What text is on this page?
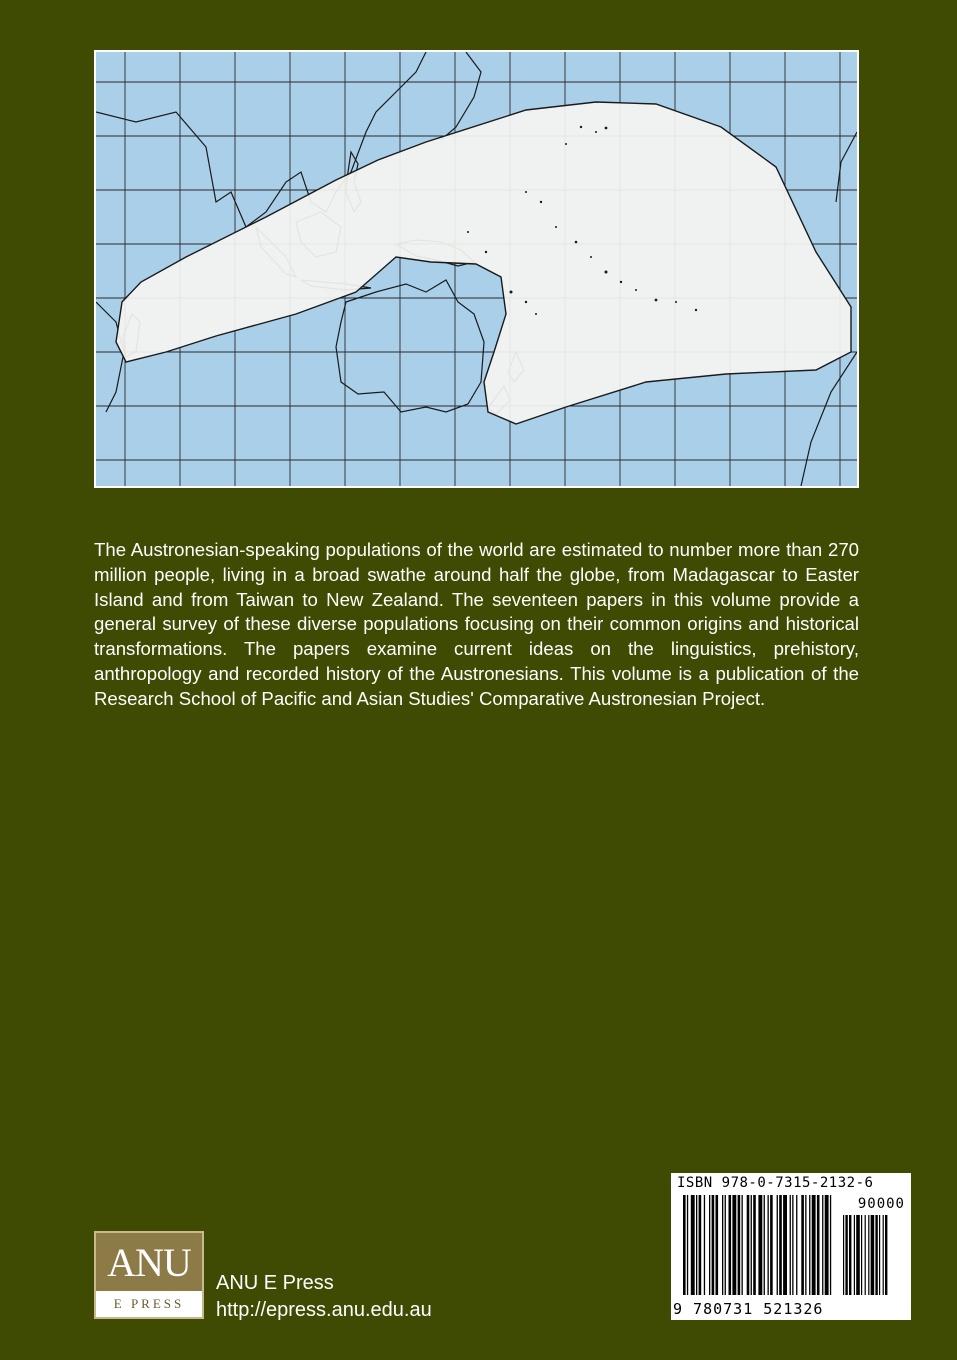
The Austronesian-speaking populations of the world are estimated to number more than 270 million people, living in a broad swathe around half the globe, from Madagascar to Easter Island and from Taiwan to New Zealand. The seventeen papers in this volume provide a general survey of these diverse populations focusing on their common origins and historical transformations. The papers examine current ideas on the linguistics, prehistory, anthropology and recorded history of the Austronesians. This volume is a publication of the Research School of Pacific and Asian Studies' Comparative Austronesian Project.

ISBN 978-0-7315-2132-6
90000
9 780731 521326
ANU
E PRESS
ANU E Press
http://epress.anu.edu.au
